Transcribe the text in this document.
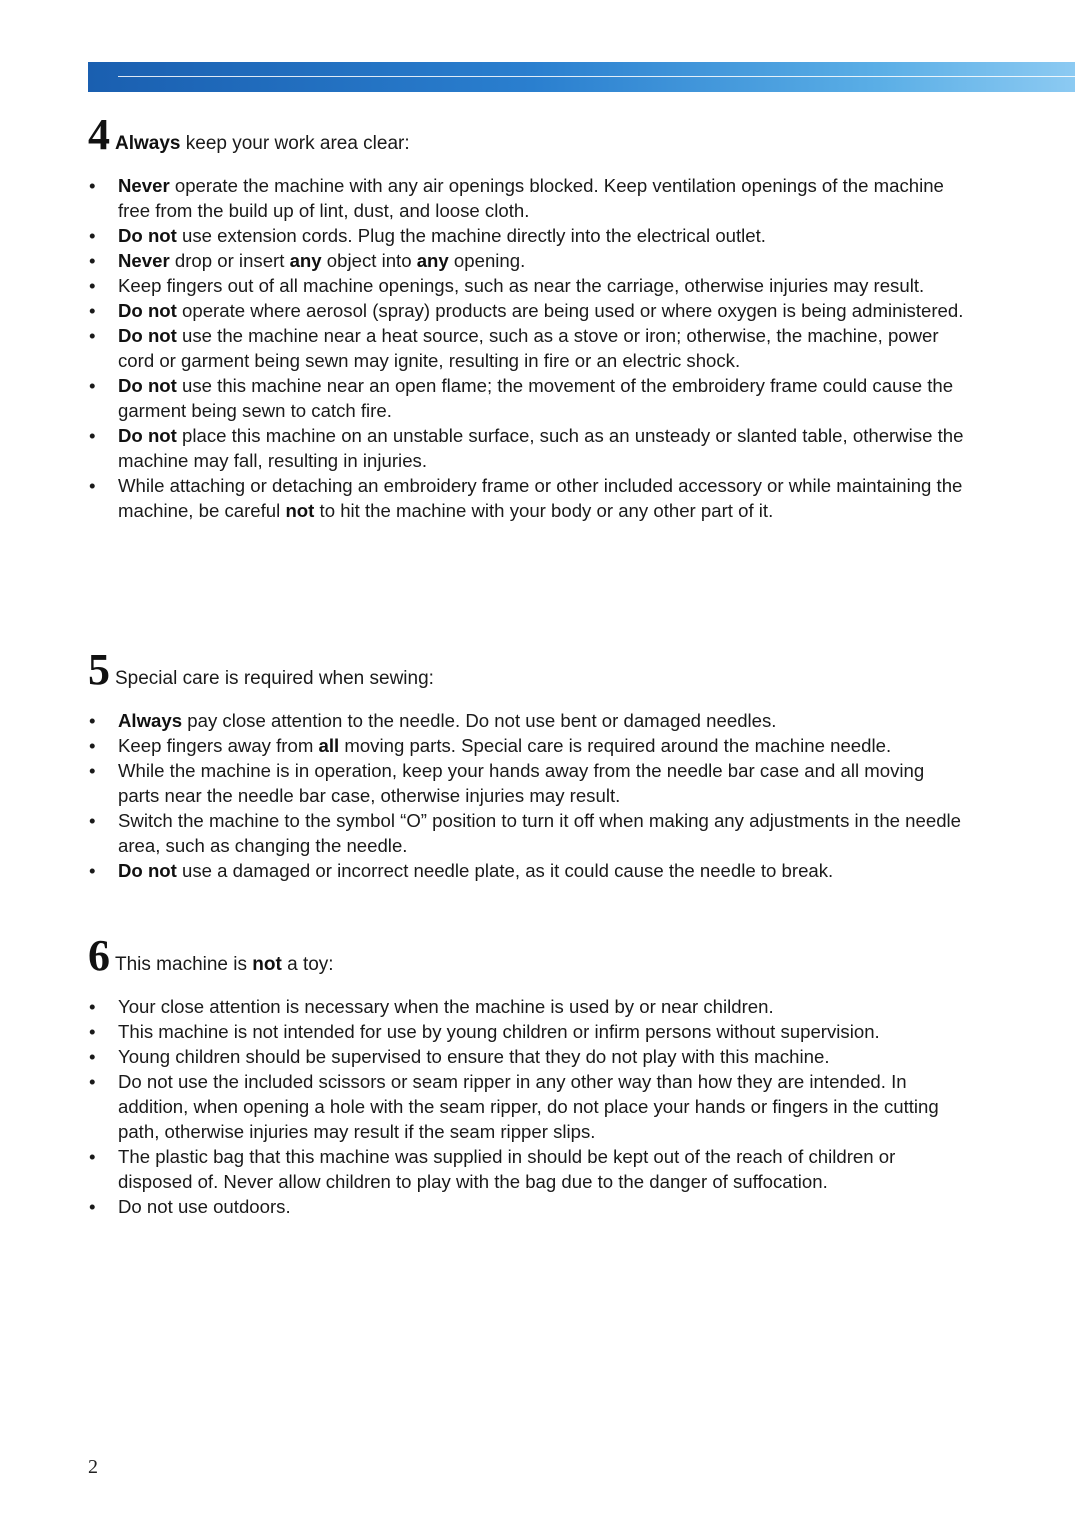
4 Always keep your work area clear:
•	Never operate the machine with any air openings blocked. Keep ventilation openings of the machine free from the build up of lint, dust, and loose cloth.
•	Do not use extension cords. Plug the machine directly into the electrical outlet.
•	Never drop or insert any object into any opening.
•	Keep fingers out of all machine openings, such as near the carriage, otherwise injuries may result.
•	Do not operate where aerosol (spray) products are being used or where oxygen is being administered.
•	Do not use the machine near a heat source, such as a stove or iron; otherwise, the machine, power cord or garment being sewn may ignite, resulting in fire or an electric shock.
•	Do not use this machine near an open flame; the movement of the embroidery frame could cause the garment being sewn to catch fire.
•	Do not place this machine on an unstable surface, such as an unsteady or slanted table, otherwise the machine may fall, resulting in injuries.
•	While attaching or detaching an embroidery frame or other included accessory or while maintaining the machine, be careful not to hit the machine with your body or any other part of it.
5 Special care is required when sewing:
•	Always pay close attention to the needle. Do not use bent or damaged needles.
•	Keep fingers away from all moving parts. Special care is required around the machine needle.
•	While the machine is in operation, keep your hands away from the needle bar case and all moving parts near the needle bar case, otherwise injuries may result.
•	Switch the machine to the symbol “O” position to turn it off when making any adjustments in the needle area, such as changing the needle.
•	Do not use a damaged or incorrect needle plate, as it could cause the needle to break.
6 This machine is not a toy:
•	Your close attention is necessary when the machine is used by or near children.
•	This machine is not intended for use by young children or infirm persons without supervision.
•	Young children should be supervised to ensure that they do not play with this machine.
•	Do not use the included scissors or seam ripper in any other way than how they are intended. In addition, when opening a hole with the seam ripper, do not place your hands or fingers in the cutting path, otherwise injuries may result if the seam ripper slips.
•	The plastic bag that this machine was supplied in should be kept out of the reach of children or disposed of. Never allow children to play with the bag due to the danger of suffocation.
•	Do not use outdoors.
2
